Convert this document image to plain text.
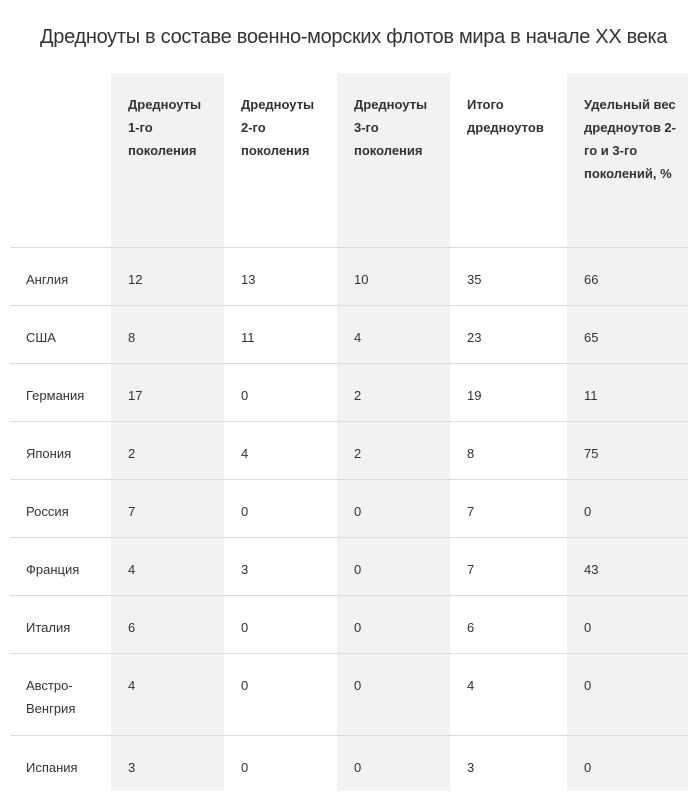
Дредноуты в составе военно-морских флотов мира в начале ХХ века
	Дредноуты 1-го поколения	Дредноуты 2-го поколения	Дредноуты 3-го поколения	Итого дредноутов	Удельный вес дредноутов 2-го и 3-го поколений, %
Англия	12	13	10	35	66
США	8	11	4	23	65
Германия	17	0	2	19	11
Япония	2	4	2	8	75
Россия	7	0	0	7	0
Франция	4	3	0	7	43
Италия	6	0	0	6	0
Австро-Венгрия	4	0	0	4	0
Испания	3	0	0	3	0
